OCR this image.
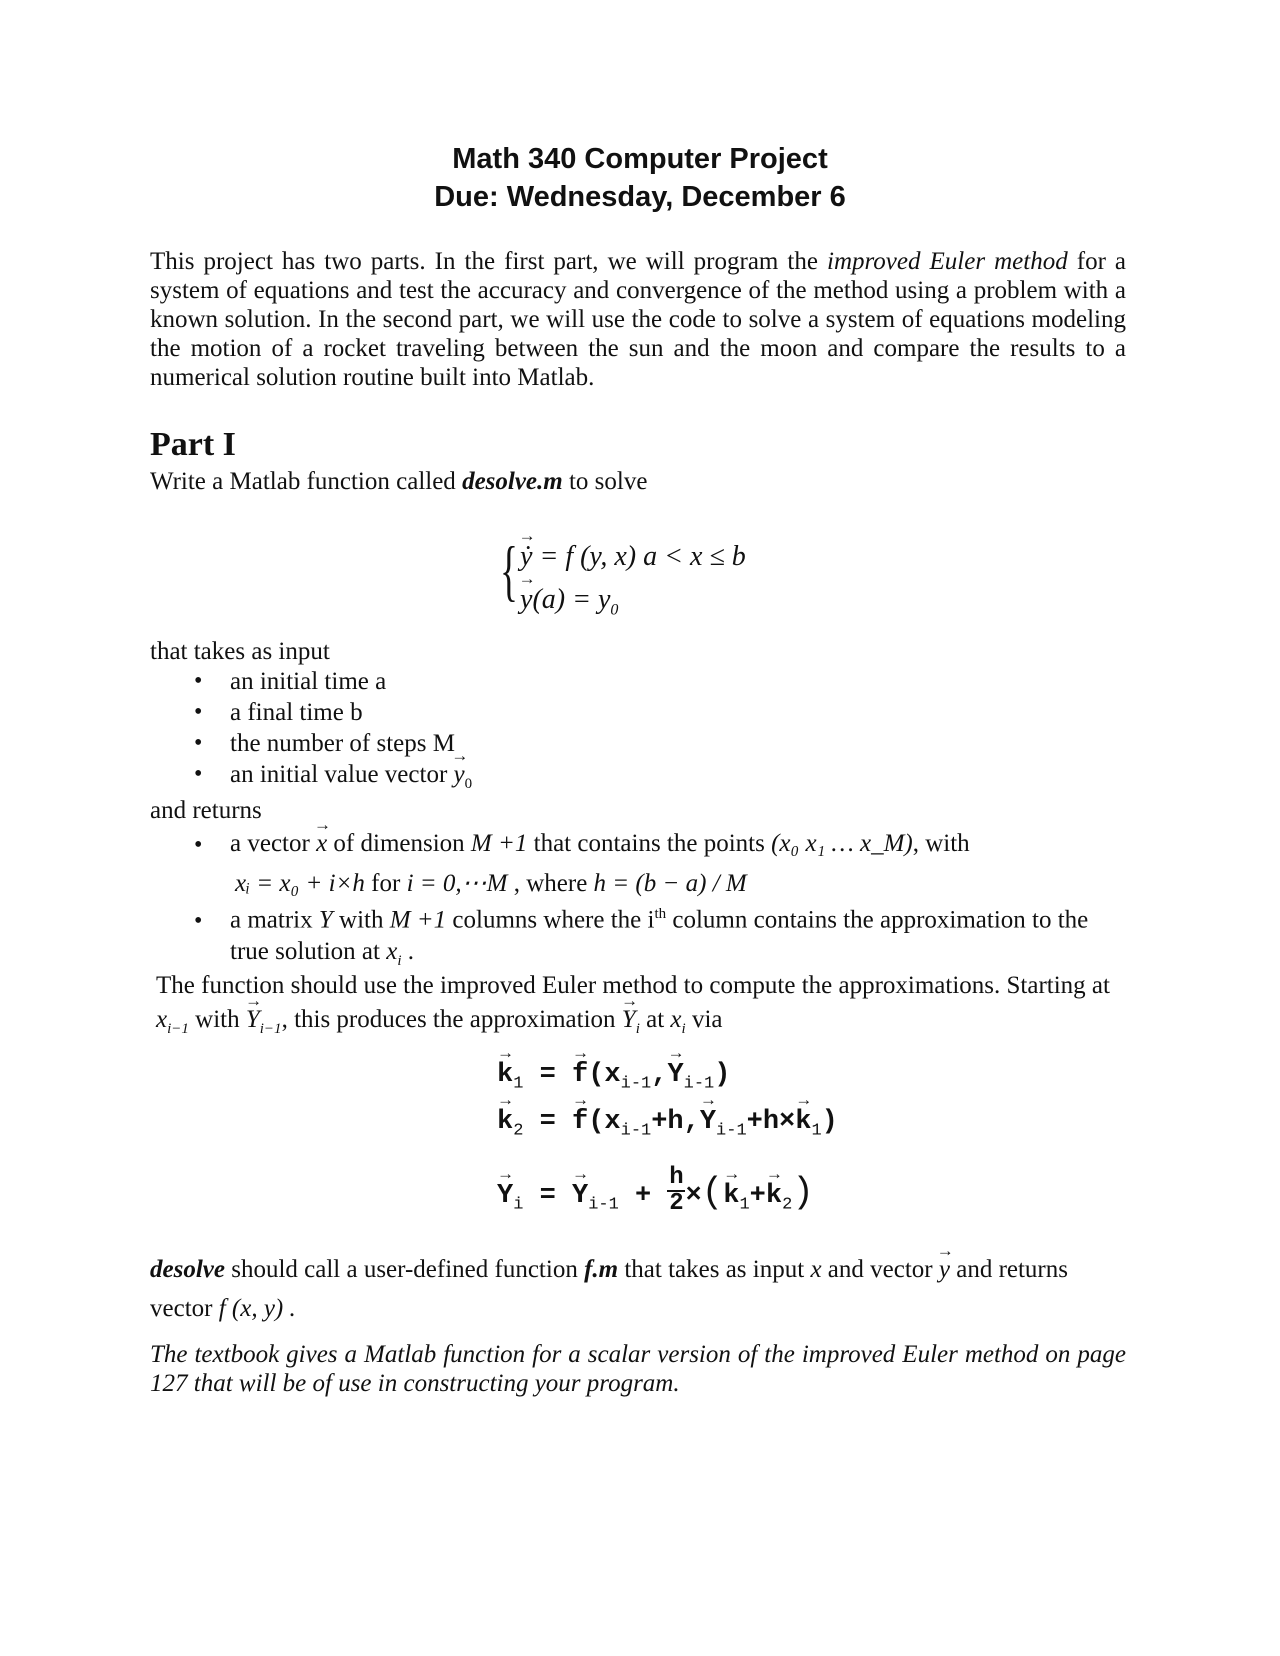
Math 340 Computer Project
Due: Wednesday, December 6
This project has two parts. In the first part, we will program the improved Euler method for a system of equations and test the accuracy and convergence of the method using a problem with a known solution. In the second part, we will use the code to solve a system of equations modeling the motion of a rocket traveling between the sun and the moon and compare the results to a numerical solution routine built into Matlab.
Part I
Write a Matlab function called desolve.m to solve
{ → ẏ = f (y, x) a < x ≤ b
→ $y(a) = y_0$
that takes as input
• an initial time a
• a final time b
• the number of steps M
• an initial value vector → $y_0$
and returns
• a vector → x of dimension M +1 that contains the points (x₀ x₁ … x_M), with
xᵢ = x₀ + i×h for i = 0,⋯M , where h = (b − a) / M
• a matrix Y with M +1 columns where the $i^{th}$ column contains the approximation to the
true solution at $x_i$ .
The function should use the improved Euler method to compute the approximations. Starting at
$x_{i-1}$ with → $Y_{i-1}$, this produces the approximation → $Y_i$ at $x_i$ via
→ $k_1$ = → $f(x_{i-1},\to Y_{i-1})$
→ $k_2$ = → $f(x_{i-1}+h,\to Y_{i-1}+h\times\to k_1)$
→ $Y_i$ = → $Y_{i-1} + h$

$2\times(\to k_1+\to k_2)$
desolve should call a user-defined function f.m that takes as input x and vector → y and returns
vector f (x, y) .
The textbook gives a Matlab function for a scalar version of the improved Euler method on page 127 that will be of use in constructing your program.
